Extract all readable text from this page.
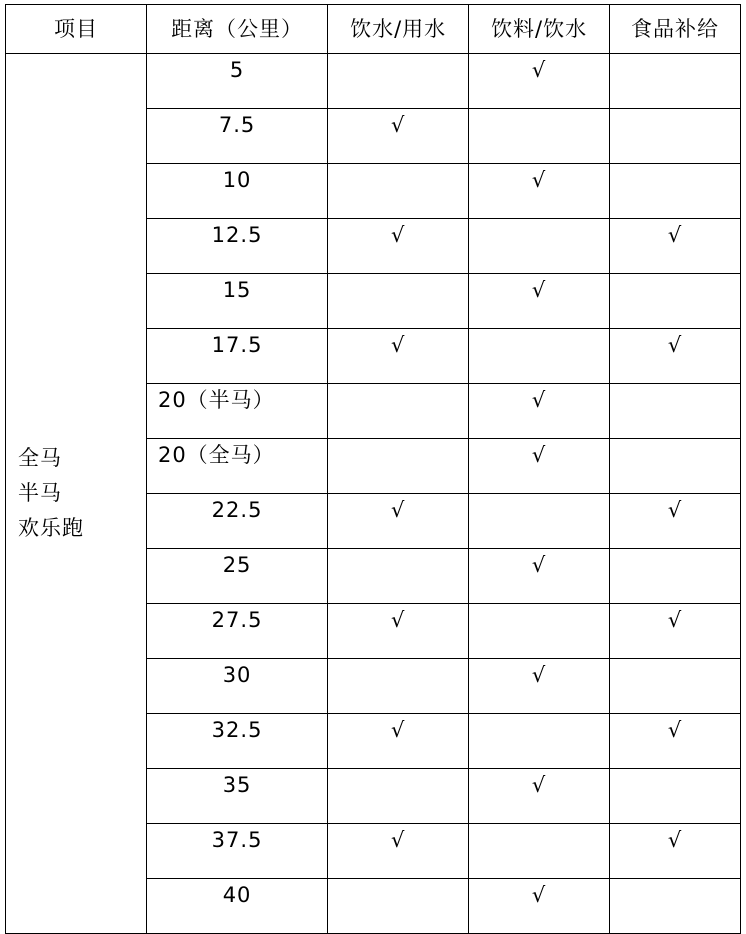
项目	距离（公里）	饮水/用水	饮料/饮水	食品补给

全马
半马
欢乐跑	5		√	
	7.5	√		
	10		√	
	12.5	√		√
	15		√	
	17.5	√		√
	20（半马）		√	
	20（全马）		√	
	22.5	√		√
	25		√	
	27.5	√		√
	30		√	
	32.5	√		√
	35		√	
	37.5	√		√
	40		√	
